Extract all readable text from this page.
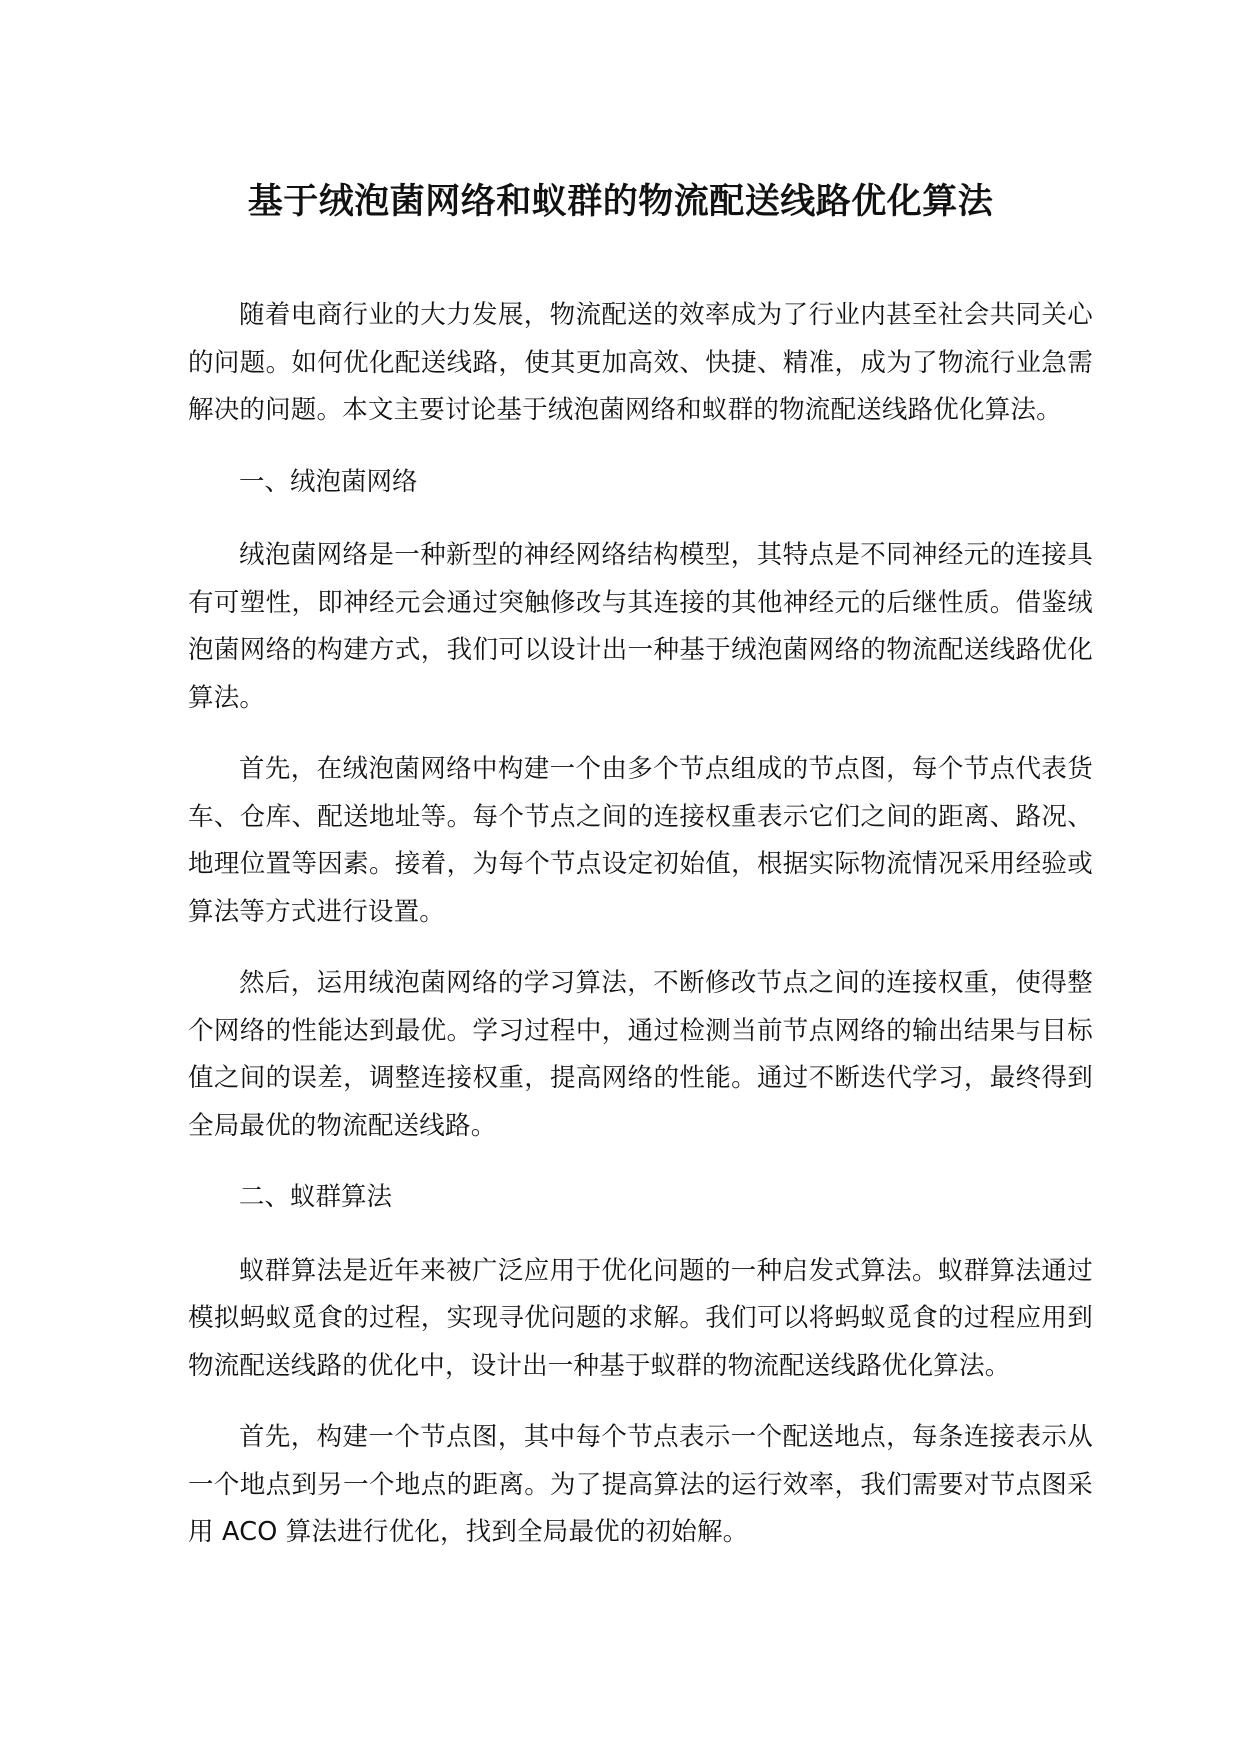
基于绒泡菌网络和蚁群的物流配送线路优化算法

随着电商行业的大力发展，物流配送的效率成为了行业内甚至社会共同关心的问题。如何优化配送线路，使其更加高效、快捷、精准，成为了物流行业急需解决的问题。本文主要讨论基于绒泡菌网络和蚁群的物流配送线路优化算法。

一、绒泡菌网络

绒泡菌网络是一种新型的神经网络结构模型，其特点是不同神经元的连接具有可塑性，即神经元会通过突触修改与其连接的其他神经元的后继性质。借鉴绒泡菌网络的构建方式，我们可以设计出一种基于绒泡菌网络的物流配送线路优化算法。

首先，在绒泡菌网络中构建一个由多个节点组成的节点图，每个节点代表货车、仓库、配送地址等。每个节点之间的连接权重表示它们之间的距离、路况、地理位置等因素。接着，为每个节点设定初始值，根据实际物流情况采用经验或算法等方式进行设置。

然后，运用绒泡菌网络的学习算法，不断修改节点之间的连接权重，使得整个网络的性能达到最优。学习过程中，通过检测当前节点网络的输出结果与目标值之间的误差，调整连接权重，提高网络的性能。通过不断迭代学习，最终得到全局最优的物流配送线路。

二、蚁群算法

蚁群算法是近年来被广泛应用于优化问题的一种启发式算法。蚁群算法通过模拟蚂蚁觅食的过程，实现寻优问题的求解。我们可以将蚂蚁觅食的过程应用到物流配送线路的优化中，设计出一种基于蚁群的物流配送线路优化算法。

首先，构建一个节点图，其中每个节点表示一个配送地点，每条连接表示从一个地点到另一个地点的距离。为了提高算法的运行效率，我们需要对节点图采用 ACO 算法进行优化，找到全局最优的初始解。
